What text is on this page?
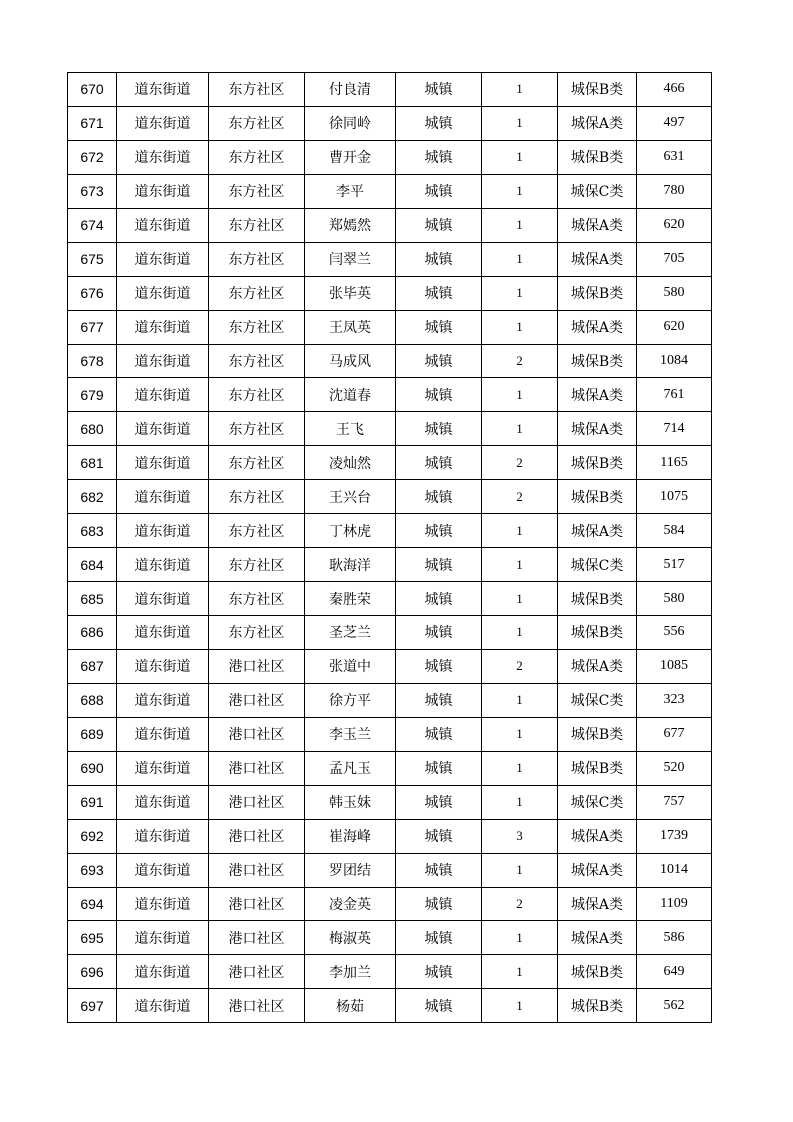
670	道东街道	东方社区	付良清	城镇	1	城保B类	466
671	道东街道	东方社区	徐同岭	城镇	1	城保A类	497
672	道东街道	东方社区	曹开金	城镇	1	城保B类	631
673	道东街道	东方社区	李平	城镇	1	城保C类	780
674	道东街道	东方社区	郑嫣然	城镇	1	城保A类	620
675	道东街道	东方社区	闫翠兰	城镇	1	城保A类	705
676	道东街道	东方社区	张毕英	城镇	1	城保B类	580
677	道东街道	东方社区	王凤英	城镇	1	城保A类	620
678	道东街道	东方社区	马成风	城镇	2	城保B类	1084
679	道东街道	东方社区	沈道春	城镇	1	城保A类	761
680	道东街道	东方社区	王飞	城镇	1	城保A类	714
681	道东街道	东方社区	凌灿然	城镇	2	城保B类	1165
682	道东街道	东方社区	王兴台	城镇	2	城保B类	1075
683	道东街道	东方社区	丁林虎	城镇	1	城保A类	584
684	道东街道	东方社区	耿海洋	城镇	1	城保C类	517
685	道东街道	东方社区	秦胜荣	城镇	1	城保B类	580
686	道东街道	东方社区	圣芝兰	城镇	1	城保B类	556
687	道东街道	港口社区	张道中	城镇	2	城保A类	1085
688	道东街道	港口社区	徐方平	城镇	1	城保C类	323
689	道东街道	港口社区	李玉兰	城镇	1	城保B类	677
690	道东街道	港口社区	孟凡玉	城镇	1	城保B类	520
691	道东街道	港口社区	韩玉妹	城镇	1	城保C类	757
692	道东街道	港口社区	崔海峰	城镇	3	城保A类	1739
693	道东街道	港口社区	罗团结	城镇	1	城保A类	1014
694	道东街道	港口社区	凌金英	城镇	2	城保A类	1109
695	道东街道	港口社区	梅淑英	城镇	1	城保A类	586
696	道东街道	港口社区	李加兰	城镇	1	城保B类	649
697	道东街道	港口社区	杨茹	城镇	1	城保B类	562
